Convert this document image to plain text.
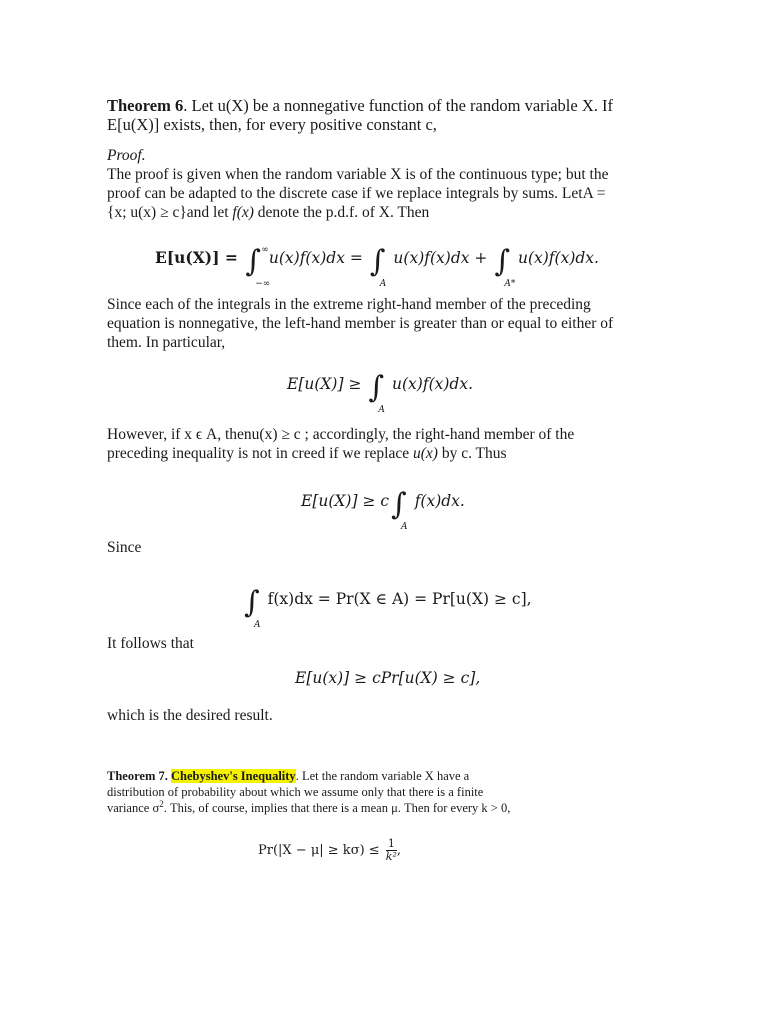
Theorem 6. Let u(X) be a nonnegative function of the random variable X. If
E[u(X)] exists, then, for every positive constant c,
Proof.
The proof is given when the random variable X is of the continuous type; but the
proof can be adapted to the discrete case if we replace integrals by sums. LetA =
{x; u(x) ≥ c}and let f(x) denote the p.d.f. of X. Then
E[u(X)] = ∫ ∞
−∞
u(x)f(x)dx = ∫
A
u(x)f(x)dx + ∫
A*
u(x)f(x)dx.
Since each of the integrals in the extreme right-hand member of the preceding
equation is nonnegative, the left-hand member is greater than or equal to either of
them. In particular,
E[u(X)] ≥ ∫
A
u(x)f(x)dx.
However, if x ϵ A, thenu(x) ≥ c ; accordingly, the right-hand member of the
preceding inequality is not in creed if we replace u(x) by c. Thus
E[u(X)] ≥ c∫
A
f(x)dx.
Since
∫
A
f(x)dx = Pr(X ∈ A) = Pr[u(X) ≥ c],
It follows that
E[u(x)] ≥ cPr[u(X) ≥ c],
which is the desired result.
Theorem 7. Chebyshev's Inequality. Let the random variable X have a
distribution of probability about which we assume only that there is a finite
variance $\sigma^2$. This, of course, implies that there is a mean μ. Then for every k > 0,
$Pr(|X - \mu| \ge k\sigma) \le \frac{1}{\text{k²}}$ ,
